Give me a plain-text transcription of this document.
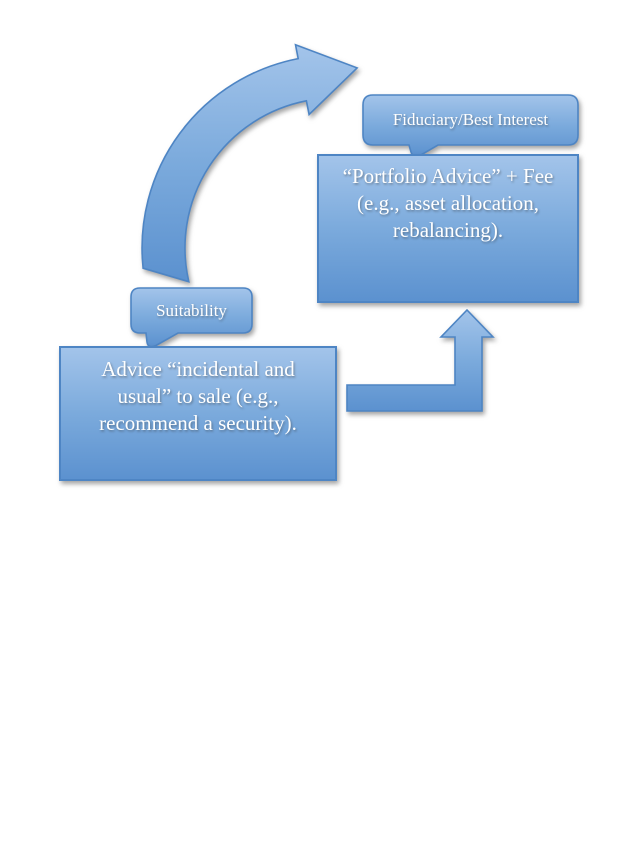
Fiduciary/Best Interest
Suitability
“Portfolio Advice” + Fee
(e.g., asset allocation,
rebalancing).
Advice “incidental and
usual” to sale (e.g.,
recommend a security).
